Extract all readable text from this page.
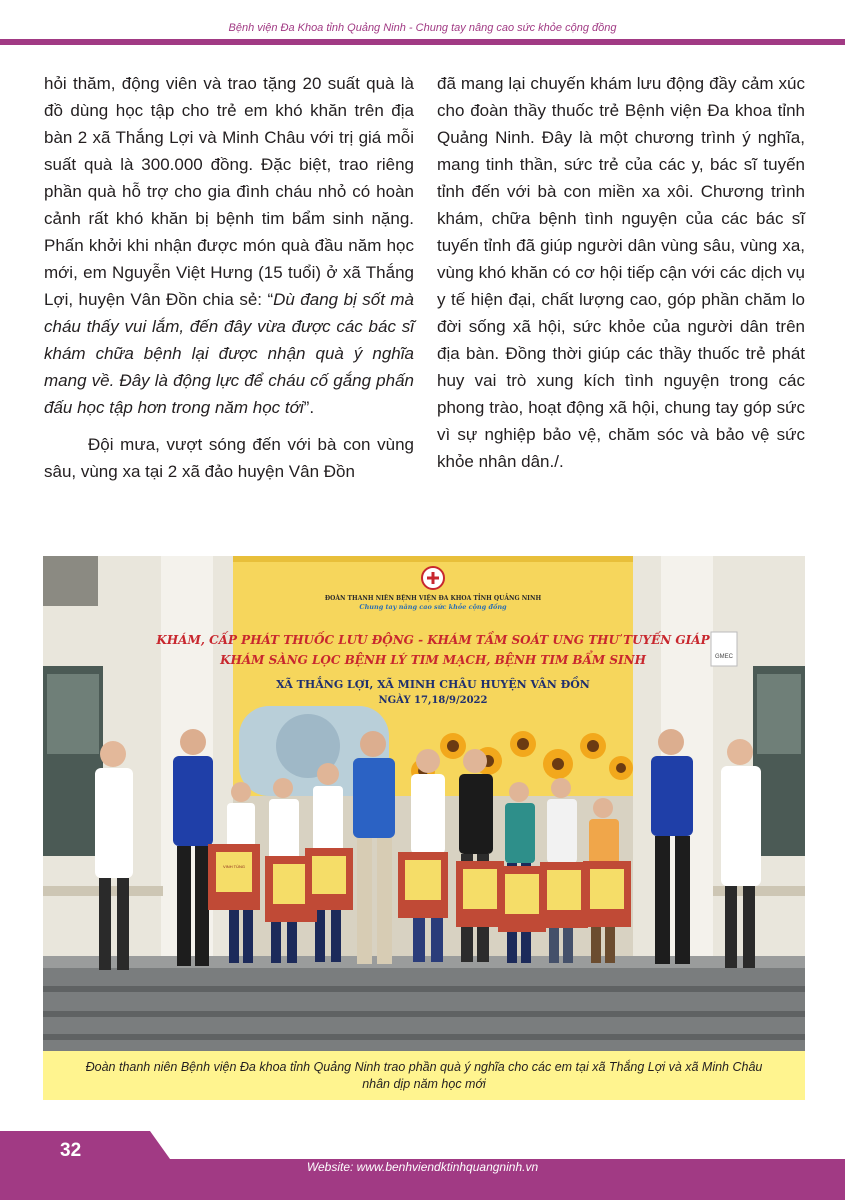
Bệnh viện Đa Khoa tỉnh Quảng Ninh - Chung tay nâng cao sức khỏe cộng đồng

hỏi thăm, động viên và trao tặng 20 suất quà là đồ dùng học tập cho trẻ em khó khăn trên địa bàn 2 xã Thắng Lợi và Minh Châu với trị giá mỗi suất quà là 300.000 đồng. Đặc biệt, trao riêng phần quà hỗ trợ cho gia đình cháu nhỏ có hoàn cảnh rất khó khăn bị bệnh tim bẩm sinh nặng. Phấn khởi khi nhận được món quà đầu năm học mới, em Nguyễn Việt Hưng (15 tuổi) ở xã Thắng Lợi, huyện Vân Đồn chia sẻ: “Dù đang bị sốt mà cháu thấy vui lắm, đến đây vừa được các bác sĩ khám chữa bệnh lại được nhận quà ý nghĩa mang về. Đây là động lực để cháu cố gắng phấn đấu học tập hơn trong năm học tới”.

Đội mưa, vượt sóng đến với bà con vùng sâu, vùng xa tại 2 xã đảo huyện Vân Đồn

đã mang lại chuyến khám lưu động đầy cảm xúc cho đoàn thầy thuốc trẻ Bệnh viện Đa khoa tỉnh Quảng Ninh. Đây là một chương trình ý nghĩa, mang tinh thần, sức trẻ của các y, bác sĩ tuyến tỉnh đến với bà con miền xa xôi. Chương trình khám, chữa bệnh tình nguyện của các bác sĩ tuyến tỉnh đã giúp người dân vùng sâu, vùng xa, vùng khó khăn có cơ hội tiếp cận với các dịch vụ y tế hiện đại, chất lượng cao, góp phần chăm lo đời sống xã hội, sức khỏe của người dân trên địa bàn. Đồng thời giúp các thầy thuốc trẻ phát huy vai trò xung kích tình nguyện trong các phong trào, hoạt động xã hội, chung tay góp sức vì sự nghiệp bảo vệ, chăm sóc và bảo vệ sức khỏe nhân dân./.

GMEC
ĐOÀN THANH NIÊN BỆNH VIỆN ĐA KHOA TỈNH QUẢNG NINH
Chung tay nâng cao sức khỏe cộng đồng
KHÁM, CẤP PHÁT THUỐC LƯU ĐỘNG - KHÁM TẦM SOÁT UNG THƯ TUYẾN GIÁP
KHÁM SÀNG LỌC BỆNH LÝ TIM MẠCH, BỆNH TIM BẨM SINH
XÃ THẮNG LỢI, XÃ MINH CHÂU HUYỆN VÂN ĐỒN
NGÀY 17,18/9/2022
VINH TÙNG
Đoàn thanh niên Bệnh viện Đa khoa tỉnh Quảng Ninh trao phần quà ý nghĩa cho các em tại xã Thắng Lợi và xã Minh Châu nhân dịp năm học mới
32
Website: www.benhviendktinhquangninh.vn
